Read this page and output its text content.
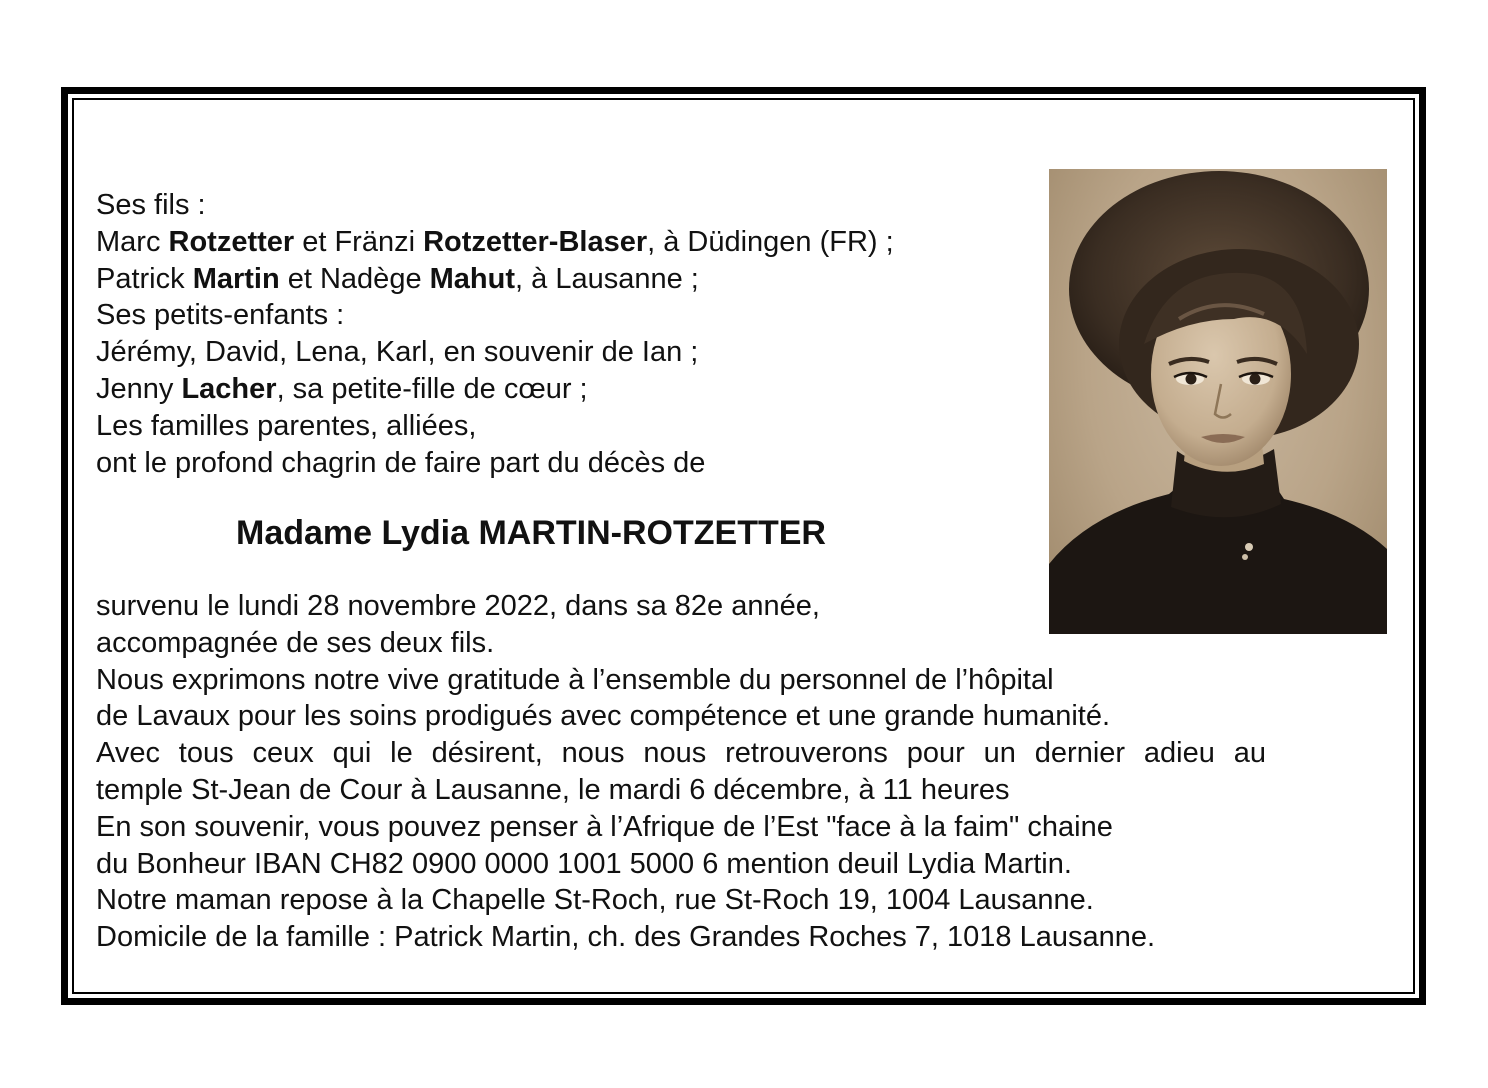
Ses fils :
Marc Rotzetter et Fränzi Rotzetter-Blaser, à Düdingen (FR) ;
Patrick Martin et Nadège Mahut, à Lausanne ;
Ses petits-enfants :
Jérémy, David, Lena, Karl, en souvenir de Ian ;
Jenny Lacher, sa petite-fille de cœur ;
Les familles parentes, alliées,
ont le profond chagrin de faire part du décès de
Madame Lydia MARTIN-ROTZETTER
survenu le lundi 28 novembre 2022, dans sa 82e année,
accompagnée de ses deux fils.
Nous exprimons notre vive gratitude à l’ensemble du personnel de l’hôpital
de Lavaux pour les soins prodigués avec compétence et une grande humanité.
Avec tous ceux qui le désirent, nous nous retrouverons pour un dernier adieu au
temple St-Jean de Cour à Lausanne, le mardi 6 décembre, à 11 heures
En son souvenir, vous pouvez penser à l’Afrique de l’Est "face à la faim" chaine
du Bonheur IBAN CH82 0900 0000 1001 5000 6 mention deuil Lydia Martin.
Notre maman repose à la Chapelle St-Roch, rue St-Roch 19, 1004 Lausanne.
Domicile de la famille : Patrick Martin, ch. des Grandes Roches 7, 1018 Lausanne.
